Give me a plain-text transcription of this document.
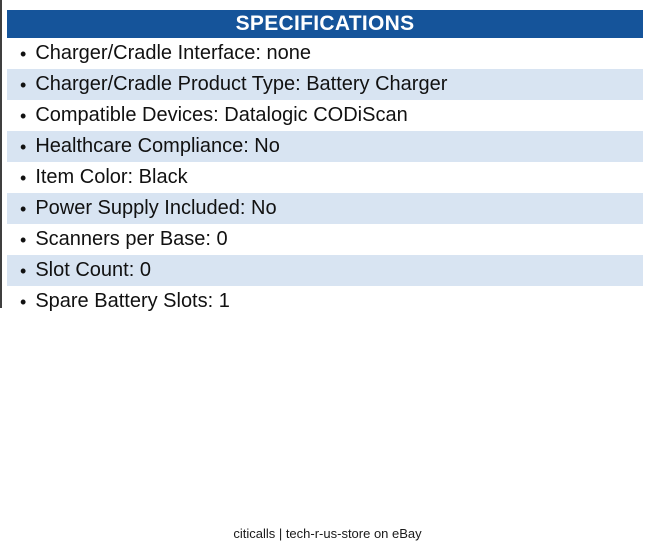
SPECIFICATIONS
• Charger/Cradle Interface: none
• Charger/Cradle Product Type: Battery Charger
• Compatible Devices: Datalogic CODiScan
• Healthcare Compliance: No
• Item Color: Black
• Power Supply Included: No
• Scanners per Base: 0
• Slot Count: 0
• Spare Battery Slots: 1
citicalls | tech-r-us-store on eBay
